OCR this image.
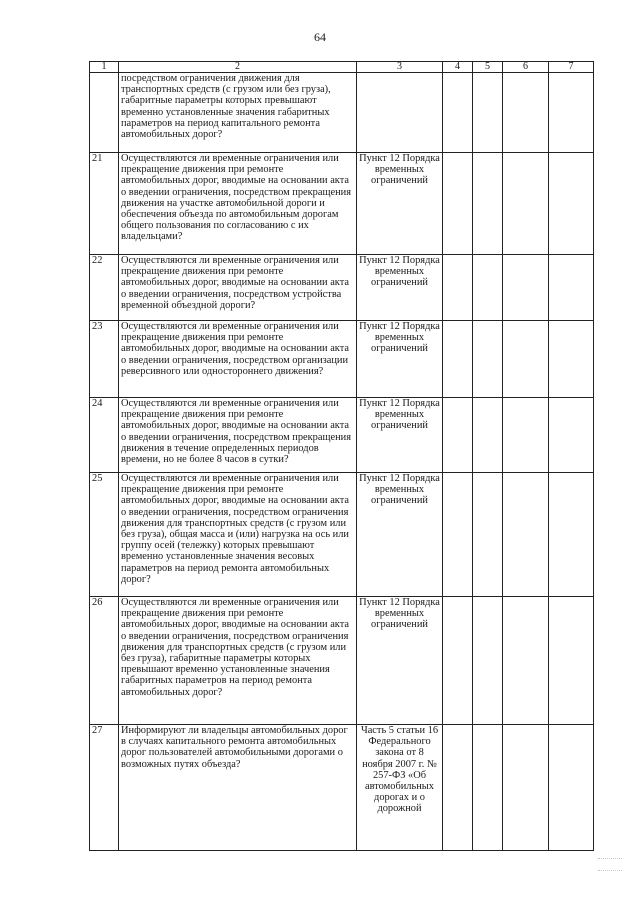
64
1	2	3	4	5	6	7
	посредством ограничения движения для транспортных средств (с грузом или без груза), габаритные параметры которых превышают временно установленные значения габаритных параметров на период капитального ремонта автомобильных дорог?					
21	Осуществляются ли временные ограничения или прекращение движения при ремонте автомобильных дорог, вводимые на основании акта о введении ограничения, посредством прекращения движения на участке автомобильной дороги и обеспечения объезда по автомобильным дорогам общего пользования по согласованию с их владельцами?	Пункт 12 Порядка временных ограничений				
22	Осуществляются ли временные ограничения или прекращение движения при ремонте автомобильных дорог, вводимые на основании акта о введении ограничения, посредством устройства временной объездной дороги?	Пункт 12 Порядка временных ограничений				
23	Осуществляются ли временные ограничения или прекращение движения при ремонте автомобильных дорог, вводимые на основании акта о введении ограничения, посредством организации реверсивного или одностороннего движения?	Пункт 12 Порядка временных ограничений				
24	Осуществляются ли временные ограничения или прекращение движения при ремонте автомобильных дорог, вводимые на основании акта о введении ограничения, посредством прекращения движения в течение определенных периодов времени, но не более 8 часов в сутки?	Пункт 12 Порядка временных ограничений				
25	Осуществляются ли временные ограничения или прекращение движения при ремонте автомобильных дорог, вводимые на основании акта о введении ограничения, посредством ограничения движения для транспортных средств (с грузом или без груза), общая масса и (или) нагрузка на ось или группу осей (тележку) которых превышают временно установленные значения весовых параметров на период ремонта автомобильных дорог?	Пункт 12 Порядка временных ограничений				
26	Осуществляются ли временные ограничения или прекращение движения при ремонте автомобильных дорог, вводимые на основании акта о введении ограничения, посредством ограничения движения для транспортных средств (с грузом или без груза), габаритные параметры которых превышают временно установленные значения габаритных параметров на период ремонта автомобильных дорог?	Пункт 12 Порядка временных ограничений				
27	Информируют ли владельцы автомобильных дорог в случаях капитального ремонта автомобильных дорог пользователей автомобильными дорогами о возможных путях объезда?	Часть 5 статьи 16 Федерального закона от 8 ноября 2007 г. № 257-ФЗ «Об автомобильных дорогах и о дорожной				
